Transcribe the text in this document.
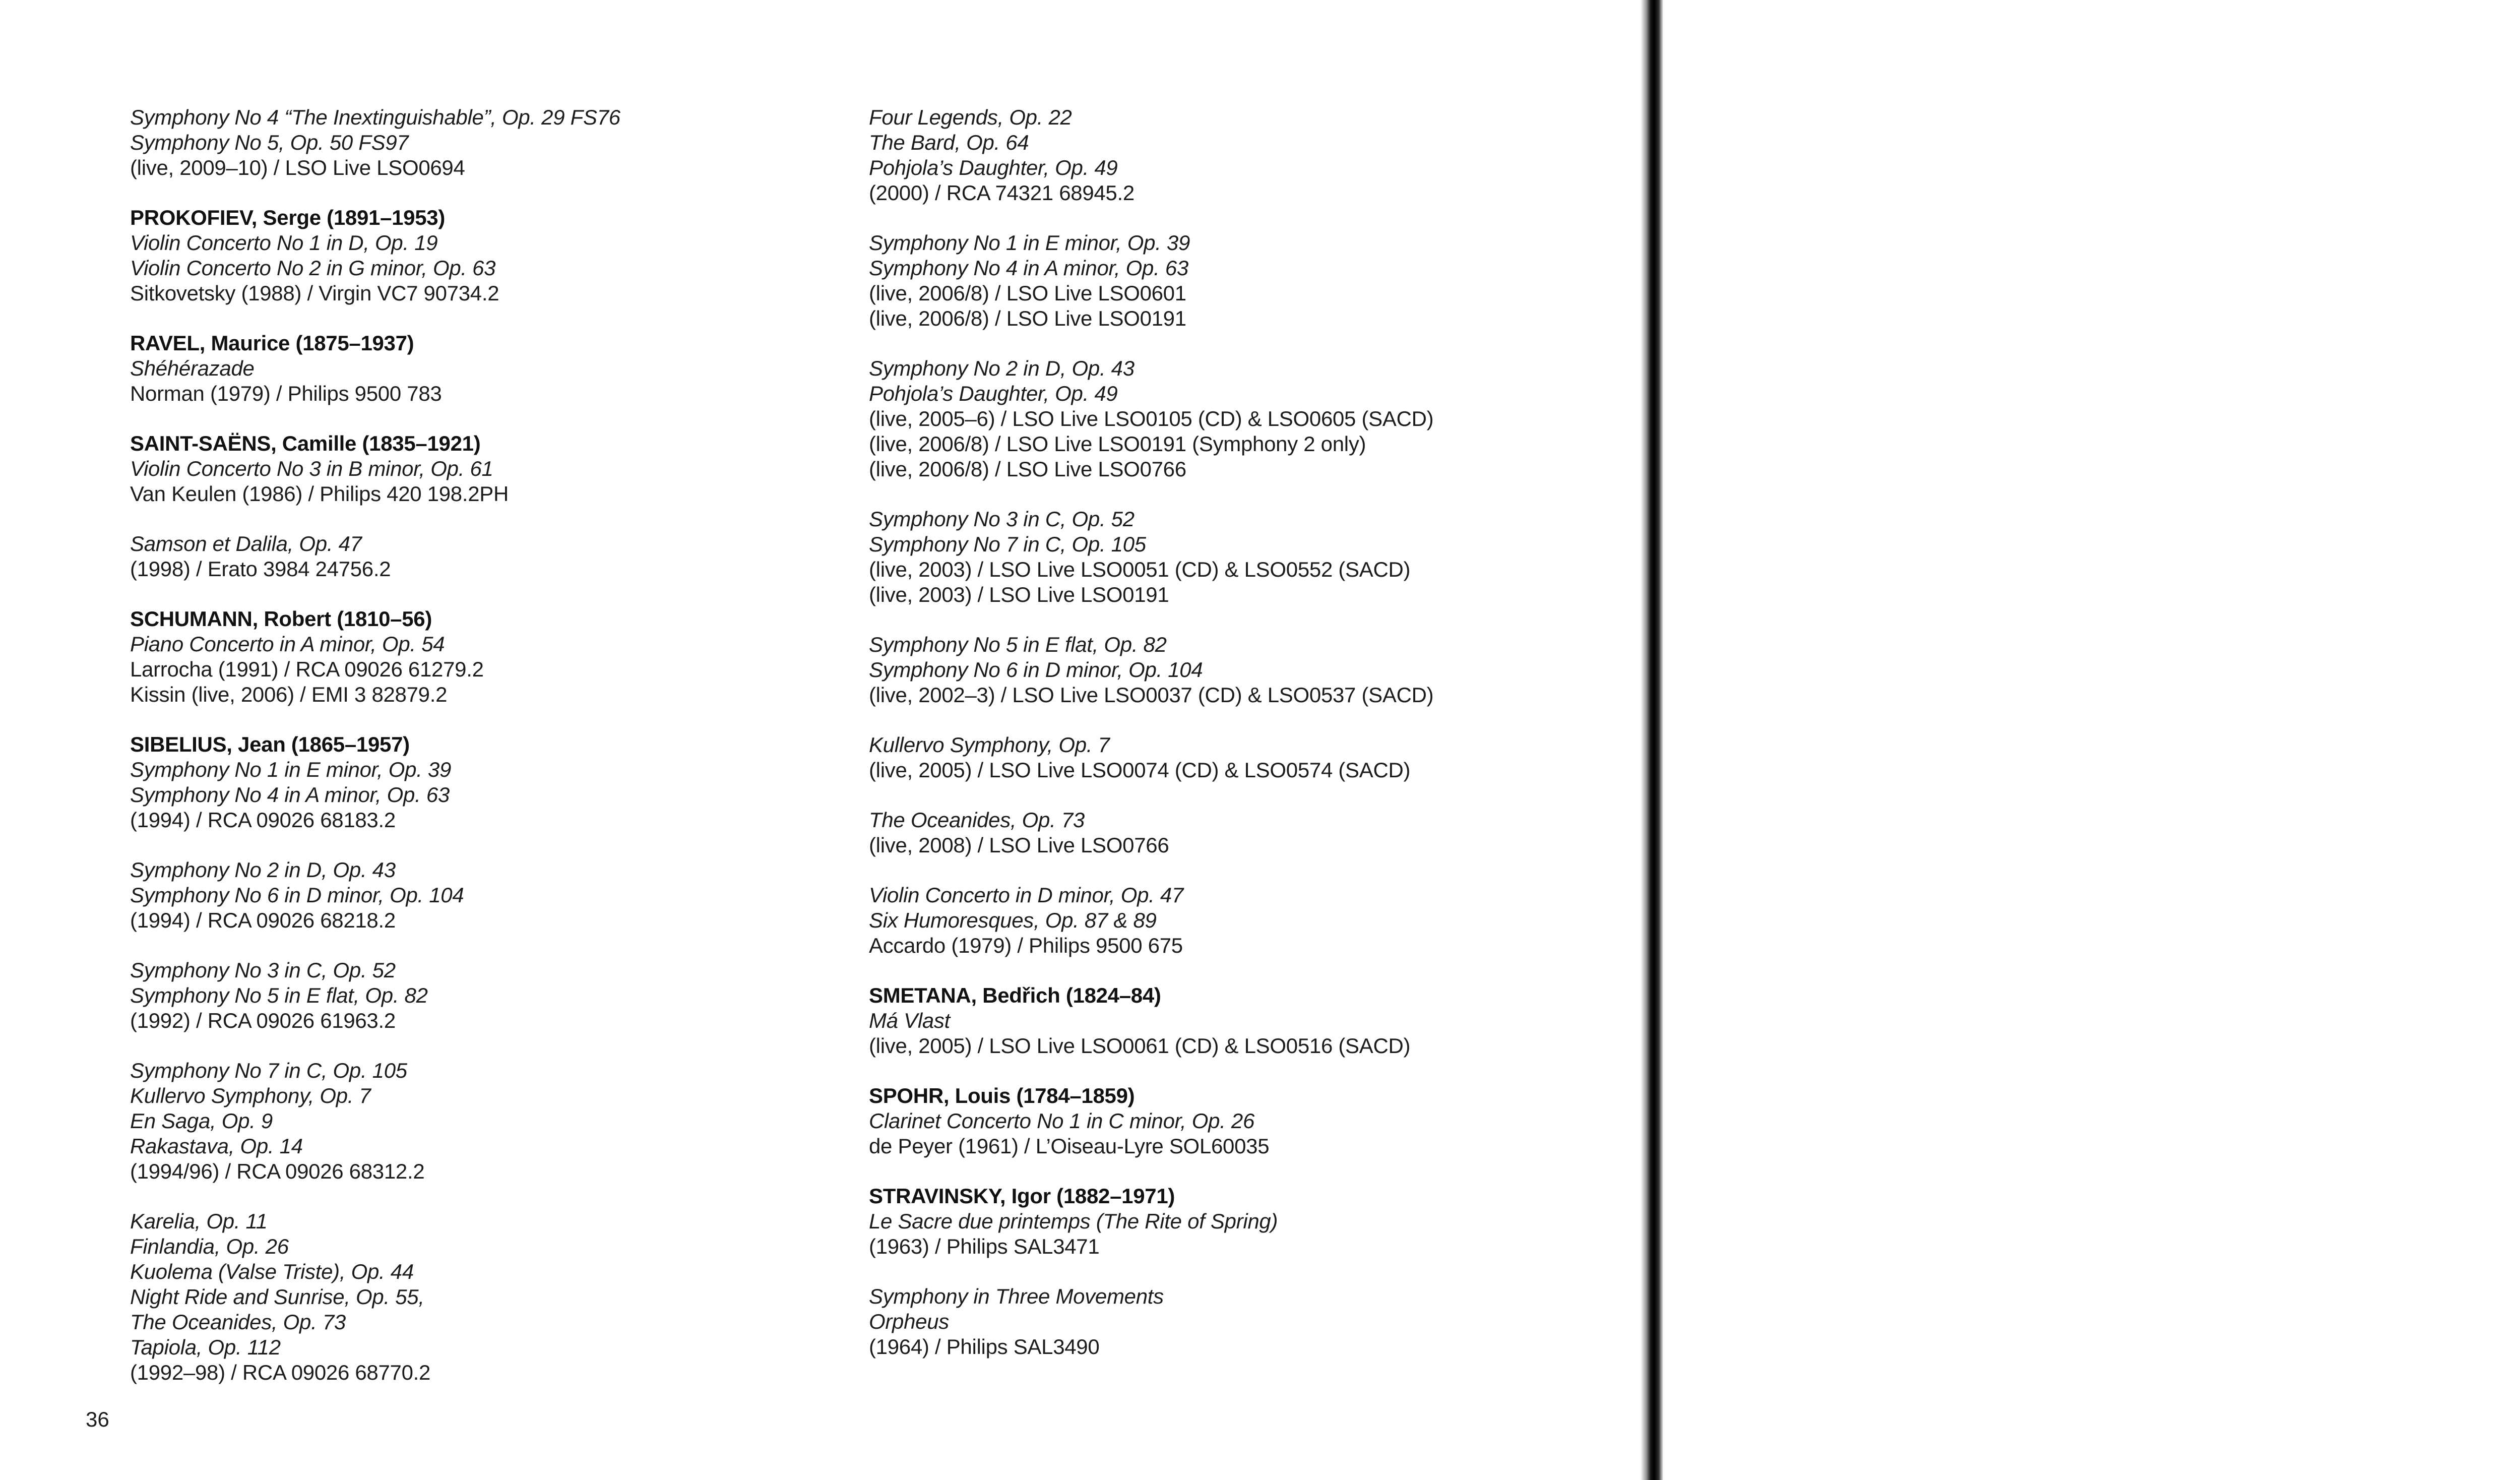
Symphony No 4 “The Inextinguishable”, Op. 29 FS76
Symphony No 5, Op. 50 FS97
(live, 2009–10) / LSO Live LSO0694
PROKOFIEV, Serge (1891–1953)
Violin Concerto No 1 in D, Op. 19
Violin Concerto No 2 in G minor, Op. 63
Sitkovetsky (1988) / Virgin VC7 90734.2
RAVEL, Maurice (1875–1937)
Shéhérazade
Norman (1979) / Philips 9500 783
SAINT-SAËNS, Camille (1835–1921)
Violin Concerto No 3 in B minor, Op. 61
Van Keulen (1986) / Philips 420 198.2PH
Samson et Dalila, Op. 47
(1998) / Erato 3984 24756.2
SCHUMANN, Robert (1810–56)
Piano Concerto in A minor, Op. 54
Larrocha (1991) / RCA 09026 61279.2
Kissin (live, 2006) / EMI 3 82879.2
SIBELIUS, Jean (1865–1957)
Symphony No 1 in E minor, Op. 39
Symphony No 4 in A minor, Op. 63
(1994) / RCA 09026 68183.2
Symphony No 2 in D, Op. 43
Symphony No 6 in D minor, Op. 104
(1994) / RCA 09026 68218.2
Symphony No 3 in C, Op. 52
Symphony No 5 in E flat, Op. 82
(1992) / RCA 09026 61963.2
Symphony No 7 in C, Op. 105
Kullervo Symphony, Op. 7
En Saga, Op. 9
Rakastava, Op. 14
(1994/96) / RCA 09026 68312.2
Karelia, Op. 11
Finlandia, Op. 26
Kuolema (Valse Triste), Op. 44
Night Ride and Sunrise, Op. 55,
The Oceanides, Op. 73
Tapiola, Op. 112
(1992–98) / RCA 09026 68770.2
Four Legends, Op. 22
The Bard, Op. 64
Pohjola’s Daughter, Op. 49
(2000) / RCA 74321 68945.2
Symphony No 1 in E minor, Op. 39
Symphony No 4 in A minor, Op. 63
(live, 2006/8) / LSO Live LSO0601
(live, 2006/8) / LSO Live LSO0191
Symphony No 2 in D, Op. 43
Pohjola’s Daughter, Op. 49
(live, 2005–6) / LSO Live LSO0105 (CD) & LSO0605 (SACD)
(live, 2006/8) / LSO Live LSO0191 (Symphony 2 only)
(live, 2006/8) / LSO Live LSO0766
Symphony No 3 in C, Op. 52
Symphony No 7 in C, Op. 105
(live, 2003) / LSO Live LSO0051 (CD) & LSO0552 (SACD)
(live, 2003) / LSO Live LSO0191
Symphony No 5 in E flat, Op. 82
Symphony No 6 in D minor, Op. 104
(live, 2002–3) / LSO Live LSO0037 (CD) & LSO0537 (SACD)
Kullervo Symphony, Op. 7
(live, 2005) / LSO Live LSO0074 (CD) & LSO0574 (SACD)
The Oceanides, Op. 73
(live, 2008) / LSO Live LSO0766
Violin Concerto in D minor, Op. 47
Six Humoresques, Op. 87 & 89
Accardo (1979) / Philips 9500 675
SMETANA, Bedřich (1824–84)
Má Vlast
(live, 2005) / LSO Live LSO0061 (CD) & LSO0516 (SACD)
SPOHR, Louis (1784–1859)
Clarinet Concerto No 1 in C minor, Op. 26
de Peyer (1961) / L’Oiseau-Lyre SOL60035
STRAVINSKY, Igor (1882–1971)
Le Sacre due printemps (The Rite of Spring)
(1963) / Philips SAL3471
Symphony in Three Movements
Orpheus
(1964) / Philips SAL3490
36
